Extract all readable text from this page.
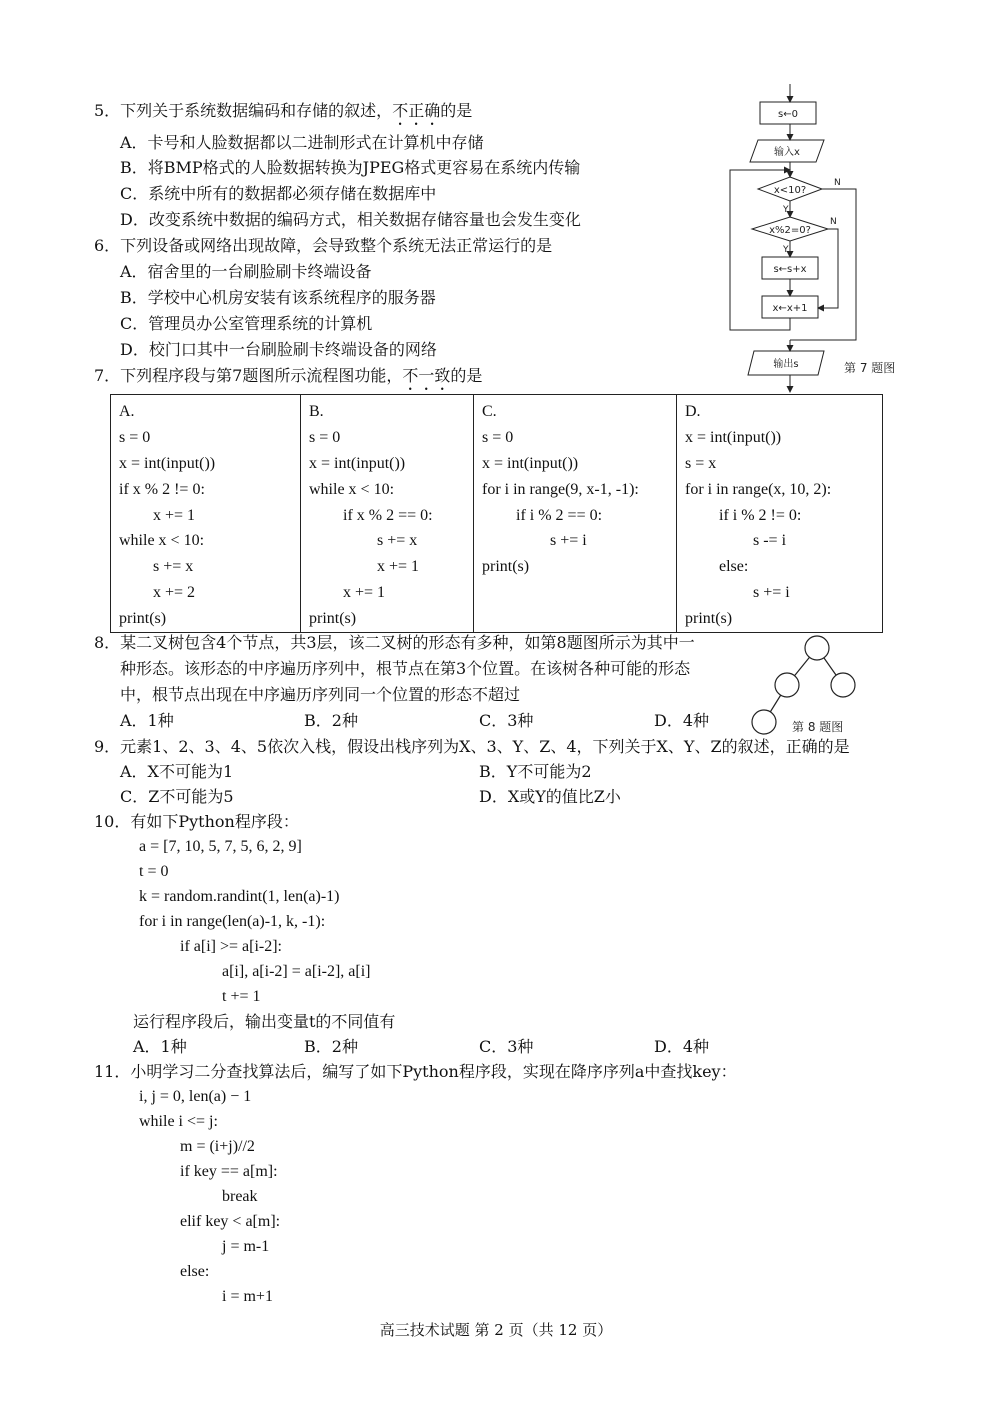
5．下列关于系统数据编码和存储的叙述，不正确的是
A．卡号和人脸数据都以二进制形式在计算机中存储
B．将BMP格式的人脸数据转换为JPEG格式更容易在系统内传输
C．系统中所有的数据都必须存储在数据库中
D．改变系统中数据的编码方式，相关数据存储容量也会发生变化
6．下列设备或网络出现故障，会导致整个系统无法正常运行的是
A．宿舍里的一台刷脸刷卡终端设备
B．学校中心机房安装有该系统程序的服务器
C．管理员办公室管理系统的计算机
D．校门口其中一台刷脸刷卡终端设备的网络
s←0
输入x
x<10?
x%2=0?
s←s+x
x←x+1
输出s
Y
Y
N
N
第 7 题图
7．下列程序段与第7题图所示流程图功能，不一致的是
A.
s = 0
x = int(input())
if x % 2 != 0:
x += 1
while x < 10:
s += x
x += 2
print(s)

B.
s = 0
x = int(input())
while x < 10:
if x % 2 == 0:
s += x
x += 1
x += 1
print(s)

C.
s = 0
x = int(input())
for i in range(9, x-1, -1):
if i % 2 == 0:
s += i
print(s)

D.
x = int(input())
s = x
for i in range(x, 10, 2):
if i % 2 != 0:
s -= i
else:
s += i
print(s)
8．某二叉树包含4个节点，共3层，该二叉树的形态有多种，如第8题图所示为其中一
种形态。该形态的中序遍历序列中，根节点在第3个位置。在该树各种可能的形态
中，根节点出现在中序遍历序列同一个位置的形态不超过
A．1种	B．2种	C．3种	D．4种	第 8 题图
9．元素1、2、3、4、5依次入栈，假设出栈序列为X、3、Y、Z、4，下列关于X、Y、Z的叙述，正确的是
A．X不可能为1	B．Y不可能为2
C．Z不可能为5	D．X或Y的值比Z小
10．有如下Python程序段：
a = [7, 10, 5, 7, 5, 6, 2, 9]
t = 0
k = random.randint(1, len(a)-1)
for i in range(len(a)-1, k, -1):
if a[i] >= a[i-2]:
a[i], a[i-2] = a[i-2], a[i]
t += 1
运行程序段后，输出变量t的不同值有
A．1种	B．2种	C．3种	D．4种
11．小明学习二分查找算法后，编写了如下Python程序段，实现在降序序列a中查找key：
i, j = 0, len(a) − 1
while i <= j:
m = (i+j)//2
if key == a[m]:
break
elif key < a[m]:
j = m-1
else:
i = m+1
高三技术试题 第 2 页（共 12 页）
